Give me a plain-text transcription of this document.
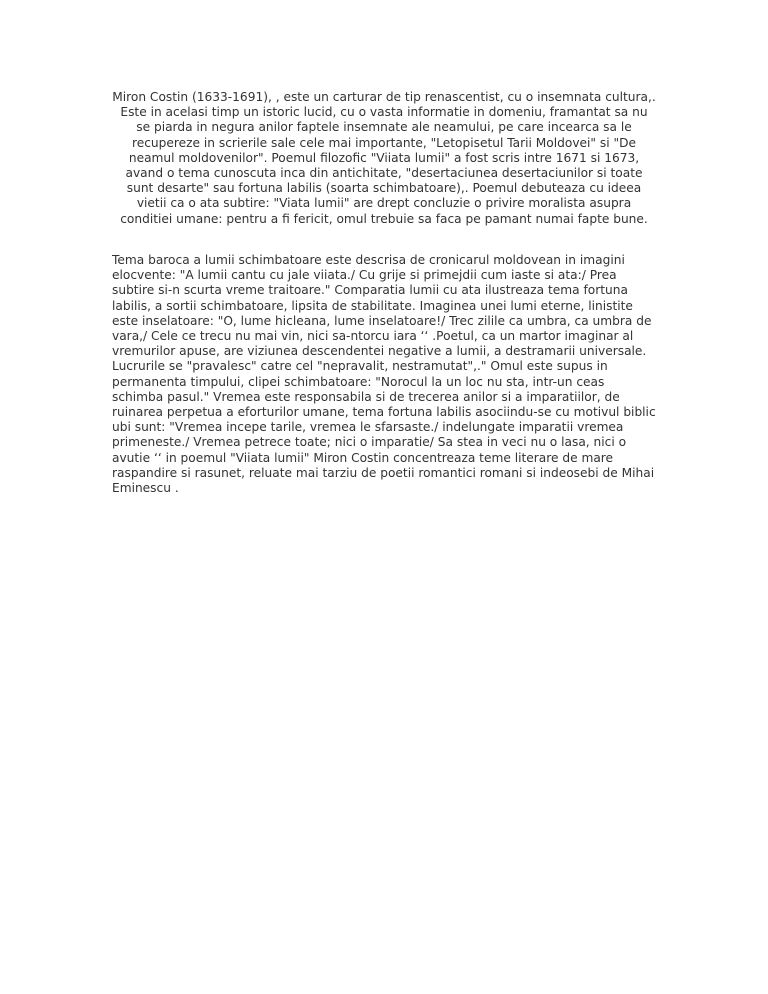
Miron Costin (1633-1691), , este un carturar de tip renascentist, cu o insemnata cultura,. Este in acelasi timp un istoric lucid, cu o vasta informatie in domeniu, framantat sa nu se piarda in negura anilor faptele insemnate ale neamului, pe care incearca sa le recupereze in scrierile sale cele mai importante, "Letopisetul Tarii Moldovei" si "De neamul moldovenilor". Poemul filozofic "Viiata lumii" a fost scris intre 1671 si 1673, avand o tema cunoscuta inca din antichitate, "desertaciunea desertaciunilor si toate sunt desarte" sau fortuna labilis (soarta schimbatoare),. Poemul debuteaza cu ideea vietii ca o ata subtire: "Viata lumii" are drept concluzie o privire moralista asupra conditiei umane: pentru a fi fericit, omul trebuie sa faca pe pamant numai fapte bune.

Tema baroca a lumii schimbatoare este descrisa de cronicarul moldovean in imagini elocvente: "A lumii cantu cu jale viiata./ Cu grije si primejdii cum iaste si ata:/ Prea subtire si-n scurta vreme traitoare." Comparatia lumii cu ata ilustreaza tema fortuna labilis, a sortii schimbatoare, lipsita de stabilitate. Imaginea unei lumi eterne, linistite este inselatoare: "O, lume hicleana, lume inselatoare!/ Trec zilile ca umbra, ca umbra de vara,/ Cele ce trecu nu mai vin, nici sa-ntorcu iara ‘‘ .Poetul, ca un martor imaginar al vremurilor apuse, are viziunea descendentei negative a lumii, a destramarii universale. Lucrurile se "pravalesc" catre cel "nepravalit, nestramutat",." Omul este supus in permanenta timpului, clipei schimbatoare: "Norocul la un loc nu sta, intr-un ceas schimba pasul." Vremea este responsabila si de trecerea anilor si a imparatiilor, de ruinarea perpetua a eforturilor umane, tema fortuna labilis asociindu-se cu motivul biblic ubi sunt: "Vremea incepe tarile, vremea le sfarsaste./ indelungate imparatii vremea primeneste./ Vremea petrece toate; nici o imparatie/ Sa stea in veci nu o lasa, nici o avutie ‘‘ in poemul "Viiata lumii" Miron Costin concentreaza teme literare de mare raspandire si rasunet, reluate mai tarziu de poetii romantici romani si indeosebi de Mihai Eminescu .
